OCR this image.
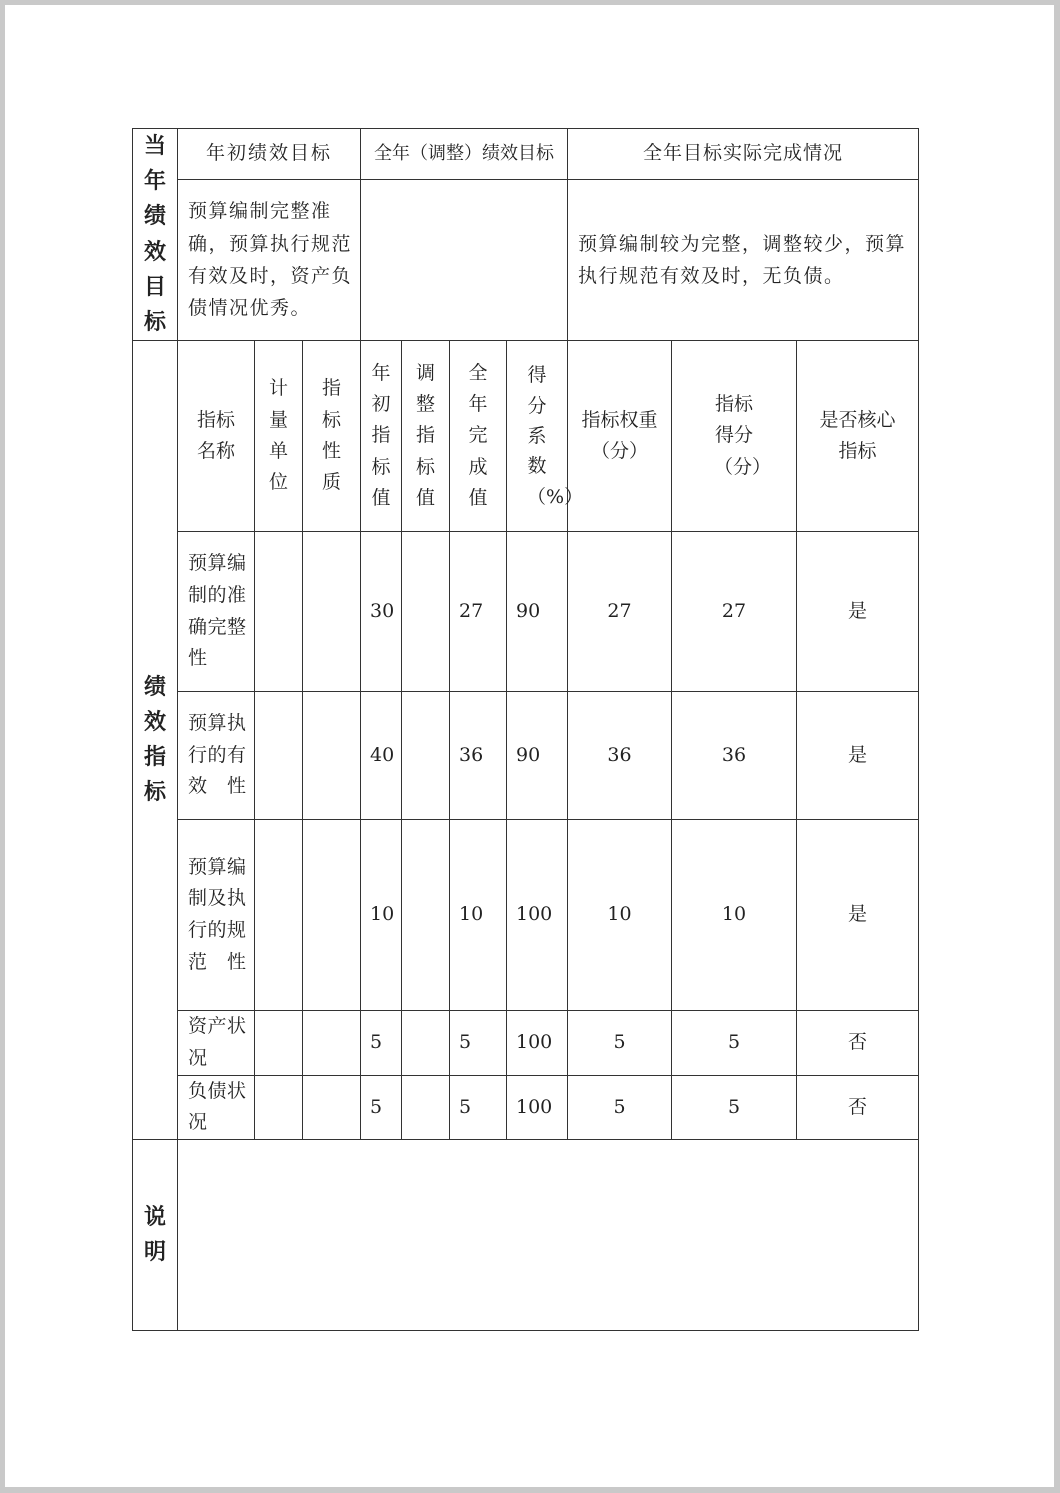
当年绩效目标	年初绩效目标			全年（调整）绩效目标				全年目标实际完成情况		
	预算编制完整准确，预算执行规范有效及时，资产负债情况优秀。							预算编制较为完整，调整较少，预算执行规范有效及时，无负债。		
绩效指标	指标名称	计量单位	指标性质	年初指标值	调整指标值	全年完成值	得分系数（%）	指标权重（分）	指标得分（分）	是否核心指标

	预算编制的准确完整性			30		27	90	27	27	是

	预算执行的有效性			40		36	90	36	36	是

	预算编制及执行的规范性			10		10	100	10	10	是

	资产状况			5		5	100	5	5	否

	负债状况			5		5	100	5	5	否
说明										
